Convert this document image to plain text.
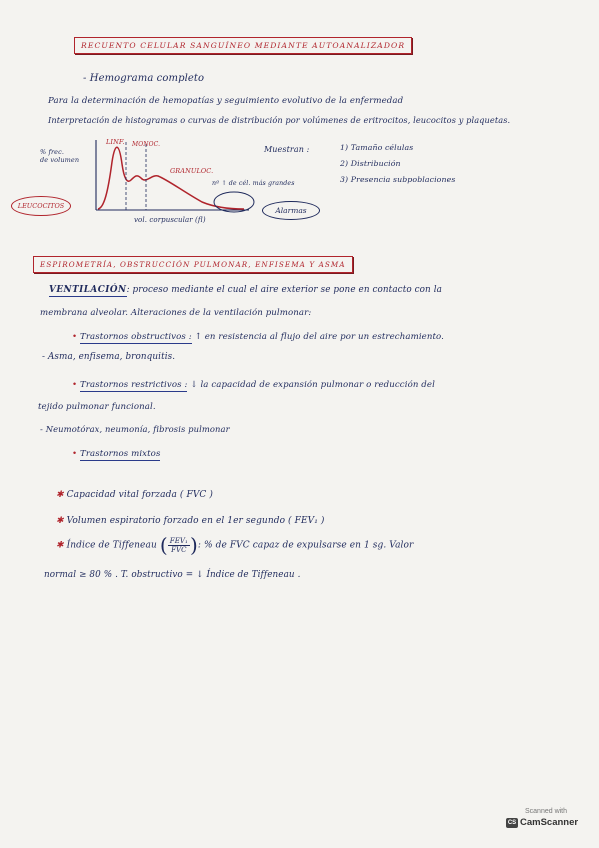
RECUENTO CELULAR SANGUÍNEO MEDIANTE AUTOANALIZADOR
- Hemograma completo
Para la determinación de hemopatías y seguimiento evolutivo de la enfermedad
Interpretación de histogramas o curvas de distribución por volúmenes de eritrocitos, leucocitos y plaquetas.
% frec.
de volumen
LINF. MONOC.
GRANULOC.
nº ↑ de cél. más grandes
vol. corpuscular (fl)
LEUCOCITOS	Alarmas
Muestran :	1) Tamaño células
2) Distribución
3) Presencia subpoblaciones
ESPIROMETRÍA, OBSTRUCCIÓN PULMONAR, ENFISEMA Y ASMA
VENTILACIÓN: proceso mediante el cual el aire exterior se pone en contacto con la
membrana alveolar. Alteraciones de la ventilación pulmonar:
• Trastornos obstructivos : ↑ en resistencia al flujo del aire por un estrechamiento.
- Asma, enfisema, bronquitis.
• Trastornos restrictivos : ↓ la capacidad de expansión pulmonar o reducción del
tejido pulmonar funcional.
- Neumotórax, neumonía, fibrosis pulmonar
• Trastornos mixtos
✱ Capacidad vital forzada ( FVC )
✱ Volumen espiratorio forzado en el 1er segundo ( FEV₁ )
✱ Índice de Tiffeneau ( $\frac{\text{FEV₁}}{\text{FVC}}$): % de FVC capaz de expulsarse en 1 sg. Valor
normal ≥ 80 % . T. obstructivo = ↓ Índice de Tiffeneau .
Scanned with
CS CamScanner
